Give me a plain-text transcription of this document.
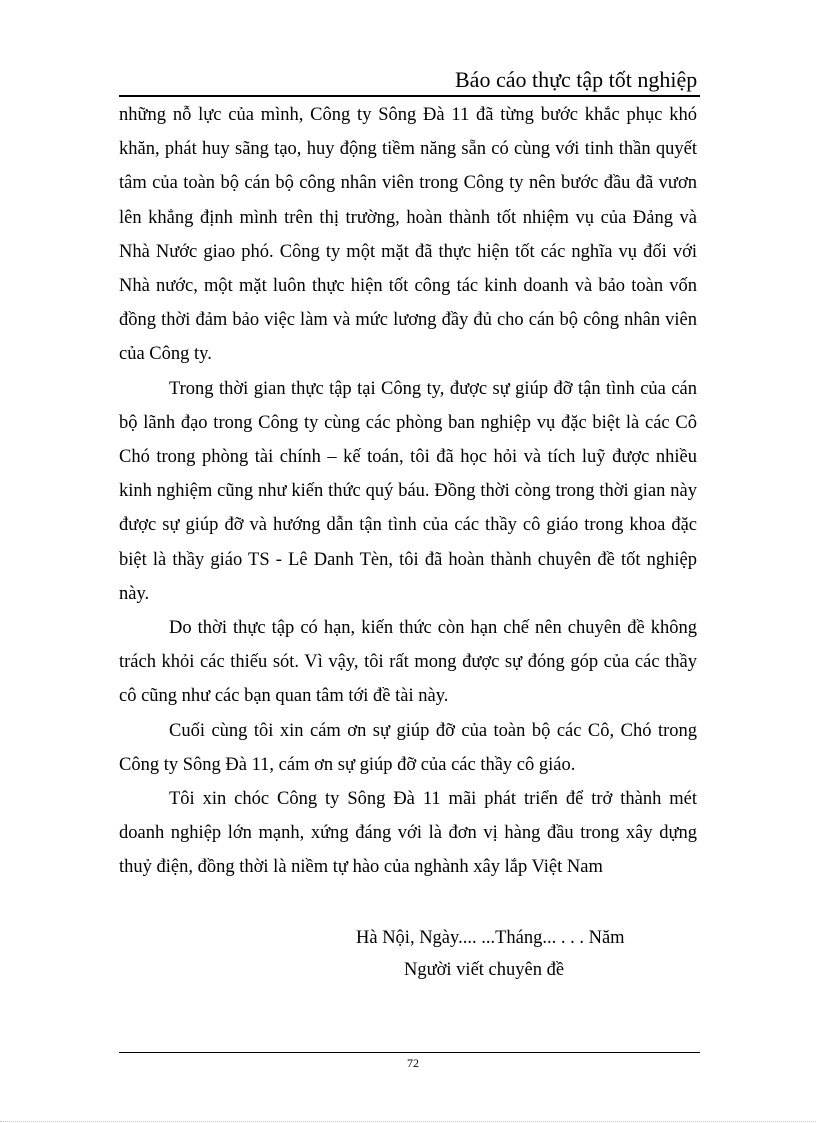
Báo cáo thực tập tốt nghiệp

những nỗ lực của mình, Công ty Sông Đà 11 đã từng bước khắc phục khó khăn, phát huy sãng tạo, huy động tiềm năng sẵn có cùng với tinh thần quyết tâm của toàn bộ cán bộ công nhân viên trong Công ty nên bước đầu đã vươn lên khẳng định mình trên thị trường, hoàn thành tốt nhiệm vụ của Đảng và Nhà Nước giao phó. Công ty một mặt đã thực hiện tốt các nghĩa vụ đối với Nhà nước, một mặt luôn thực hiện tốt công tác kinh doanh và bảo toàn vốn đồng thời đảm bảo việc làm và mức lương đầy đủ cho cán bộ công nhân viên của Công ty.

Trong thời gian thực tập tại Công ty, được sự giúp đỡ tận tình của cán bộ lãnh đạo trong Công ty cùng các phòng ban nghiệp vụ đặc biệt là các Cô Chó trong phòng tài chính – kế toán, tôi đã học hỏi và tích luỹ được nhiều kinh nghiệm cũng như kiến thức quý báu. Đồng thời còng trong thời gian này được sự giúp đỡ và hướng dẫn tận tình của các thầy cô giáo trong khoa đặc biệt là thầy giáo TS - Lê Danh Tèn, tôi đã hoàn thành chuyên đề tốt nghiệp này.

Do thời thực tập có hạn, kiến thức còn hạn chế nên chuyên đề không trách khỏi các thiếu sót. Vì vậy, tôi rất mong được sự đóng góp của các thầy cô cũng như các bạn quan tâm tới đề tài này.

Cuối cùng tôi xin cám ơn sự giúp đỡ của toàn bộ các Cô, Chó trong Công ty Sông Đà 11, cám ơn sự giúp đỡ của các thầy cô giáo.

Tôi xin chóc Công ty Sông Đà 11 mãi phát triển để trở thành mét doanh nghiệp lớn mạnh, xứng đáng với là đơn vị hàng đầu trong xây dựng thuỷ điện, đồng thời là niềm tự hào của nghành xây lắp Việt Nam

Hà Nội, Ngày.... ...Tháng... . . . Năm
Người viết chuyên đề
72
